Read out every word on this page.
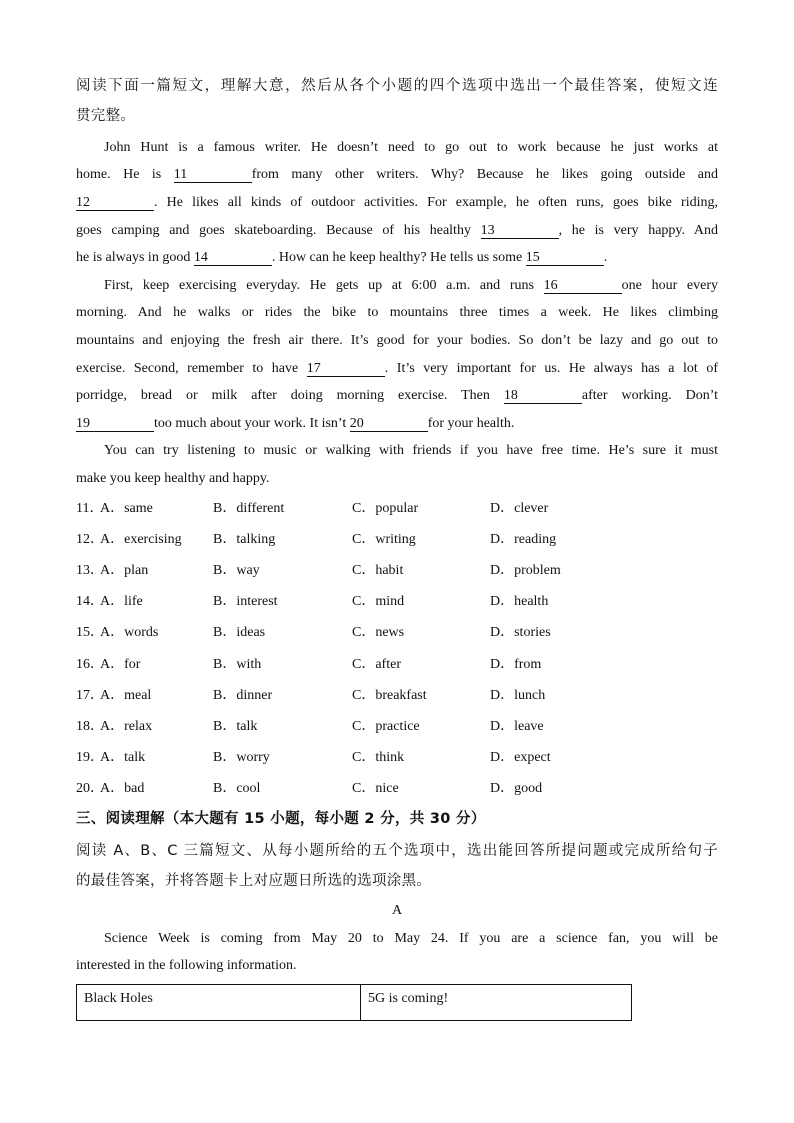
阅读下面一篇短文，理解大意，然后从各个小题的四个选项中选出一个最佳答案，使短文连
贯完整。
John Hunt is a famous writer. He doesn’t need to go out to work because he just works at
home. He is 11	from many other writers. Why? Because he likes going outside and
12	. He likes all kinds of outdoor activities. For example, he often runs, goes bike riding,
goes camping and goes skateboarding. Because of his healthy 13	, he is very happy. And
he is always in good 14	. How can he keep healthy? He tells us some 15	.
First, keep exercising everyday. He gets up at 6:00 a.m. and runs 16	one hour every
morning. And he walks or rides the bike to mountains three times a week. He likes climbing
mountains and enjoying the fresh air there. It’s good for your bodies. So don’t be lazy and go out to
exercise. Second, remember to have 17	. It’s very important for us. He always has a lot of
porridge, bread or milk after doing morning exercise. Then 18	after working. Don’t
19	too much about your work. It isn’t 20	for your health.
You can try listening to music or walking with friends if you have free time. He’s sure it must
make you keep healthy and happy.
11．
A．same	B．different	C．popular	D．clever
12．
A．exercising B．talking	C．writing	D．reading
13．
A．plan	B．way	C．habit	D．problem
14．
A．life	B．interest	C．mind	D．health
15．
A．words	B．ideas	C．news	D．stories
16．
A．for	B．with	C．after	D．from
17．
A．meal	B．dinner	C．breakfast	D．lunch
18．
A．relax	B．talk	C．practice	D．leave
19．
A．talk	B．worry	C．think	D．expect
20．
A．bad	B．cool	C．nice	D．good
三、阅读理解（本大题有 15 小题，每小题 2 分，共 30 分）
阅读 A、B、C 三篇短文、从每小题所给的五个选项中，选出能回答所提问题或完成所给句子
的最佳答案，并将答题卡上对应题日所选的选项涂黑。
A
Science Week is coming from May 20 to May 24. If you are a science fan, you will be
interested in the following information.
Black Holes	5G is coming!
